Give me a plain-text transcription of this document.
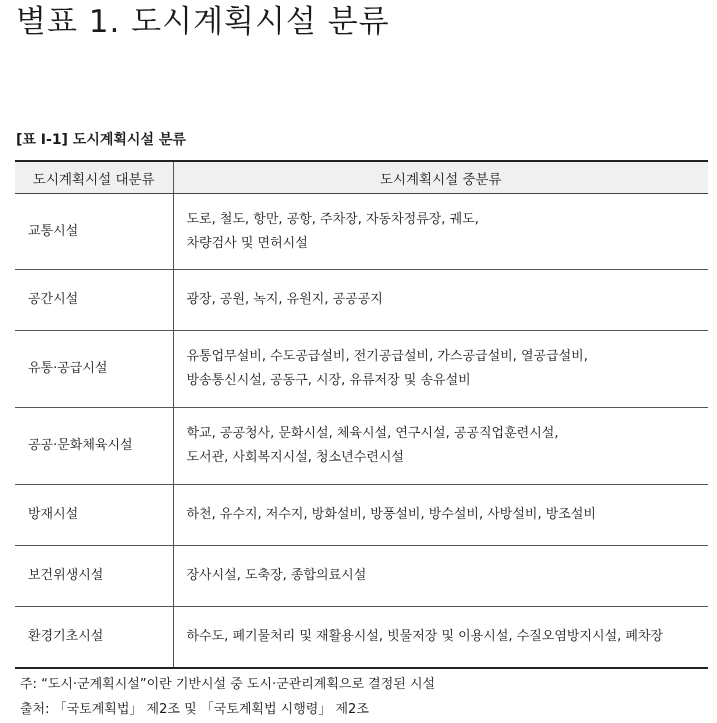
별표 1. 도시계획시설 분류
[표 Ⅰ-1] 도시계획시설 분류
도시계획시설 대분류	도시계획시설 중분류
교통시설	도로, 철도, 항만, 공항, 주차장, 자동차정류장, 궤도,
차량검사 및 면허시설

공간시설	광장, 공원, 녹지, 유원지, 공공공지

유통·공급시설	유통업무설비, 수도공급설비, 전기공급설비, 가스공급설비, 열공급설비,
방송통신시설, 공동구, 시장, 유류저장 및 송유설비

공공·문화체육시설	학교, 공공청사, 문화시설, 체육시설, 연구시설, 공공직업훈련시설,
도서관, 사회복지시설, 청소년수련시설

방재시설	하천, 유수지, 저수지, 방화설비, 방풍설비, 방수설비, 사방설비, 방조설비

보건위생시설	장사시설, 도축장, 종합의료시설

환경기초시설	하수도, 폐기물처리 및 재활용시설, 빗물저장 및 이용시설, 수질오염방지시설, 폐차장
주: “도시·군계획시설”이란 기반시설 중 도시·군관리계획으로 결정된 시설
출처: 「국토계획법」 제2조 및 「국토계획법 시행령」 제2조
